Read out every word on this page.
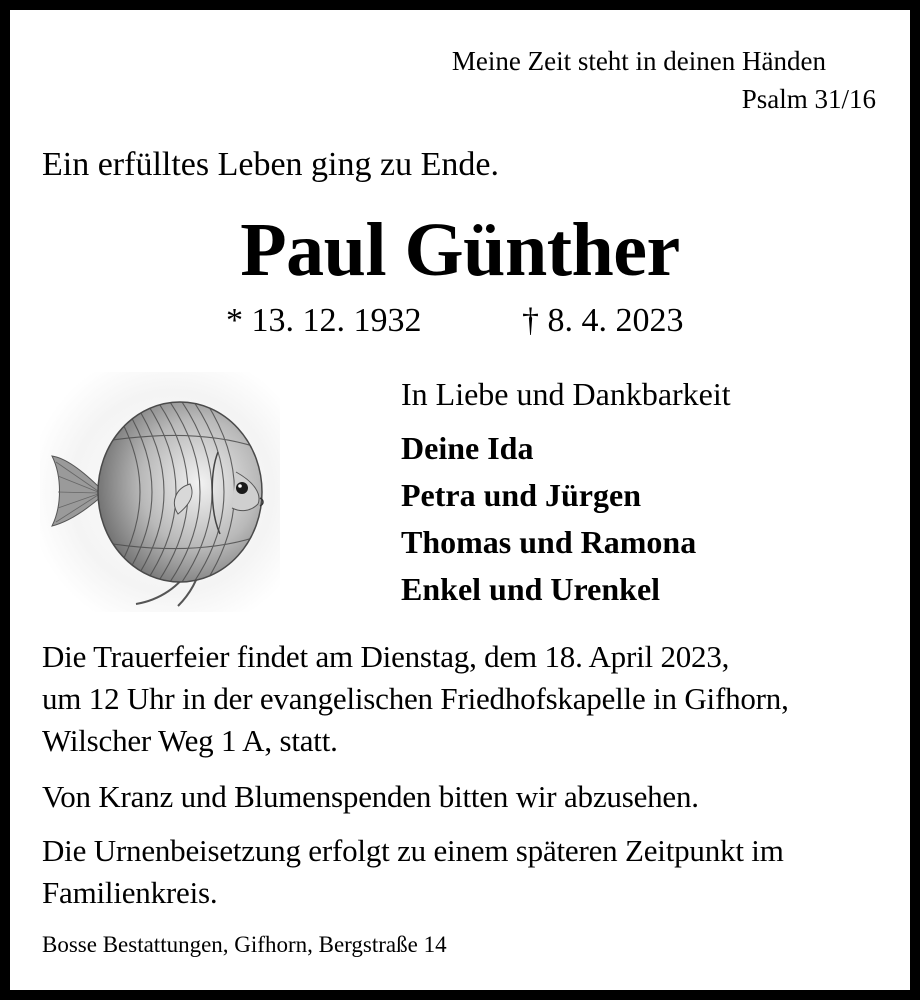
Meine Zeit steht in deinen Händen
Psalm 31/16
Ein erfülltes Leben ging zu Ende.
Paul Günther
* 13. 12. 1932	† 8. 4. 2023
In Liebe und Dankbarkeit
Deine Ida
Petra und Jürgen
Thomas und Ramona
Enkel und Urenkel
Die Trauerfeier findet am Dienstag, dem 18. April 2023,
um 12 Uhr in der evangelischen Friedhofskapelle in Gifhorn,
Wilscher Weg 1 A, statt.
Von Kranz und Blumenspenden bitten wir abzusehen.
Die Urnenbeisetzung erfolgt zu einem späteren Zeitpunkt im
Familienkreis.
Bosse Bestattungen, Gifhorn, Bergstraße 14
